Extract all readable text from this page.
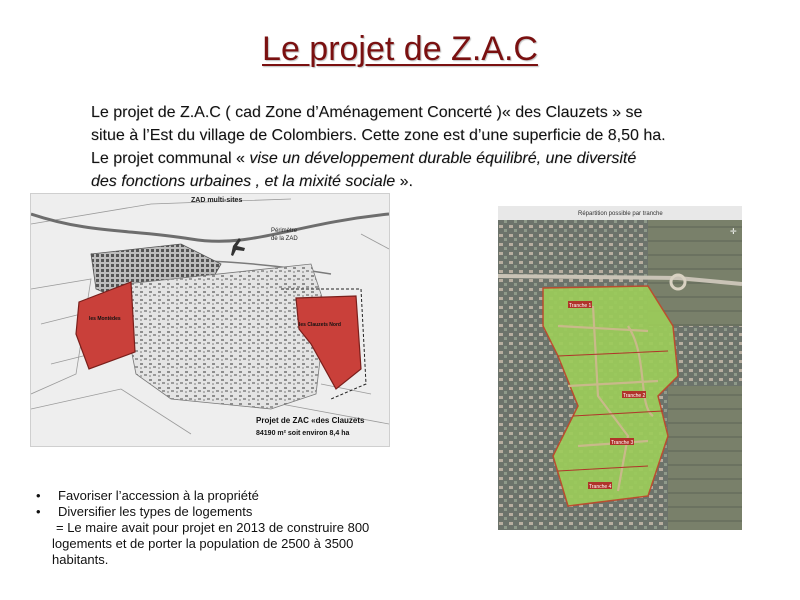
Le projet de Z.A.C
Le projet de Z.A.C ( cad Zone d’Aménagement Concerté )« des Clauzets » se
situe à l’Est du village de Colombiers. Cette zone est d’une superficie de 8,50 ha.
Le projet communal « vise un développement durable équilibré, une diversité
des fonctions urbaines , et la mixité sociale ».
ZAD multi-sites
Périmètre
de la ZAD
les Montèdes
les Clauzets Nord
Projet de ZAC «des Clauzets
84190 m² soit environ 8,4 ha
Répartition possible par tranche
Tranche 1
Tranche 2
Tranche 3
Tranche 4
✛
•	Favoriser l’accession à la propriété
•	Diversifier les types de logements
= Le maire avait pour projet en 2013 de construire 800
logements et de porter la population de 2500 à 3500
habitants.
